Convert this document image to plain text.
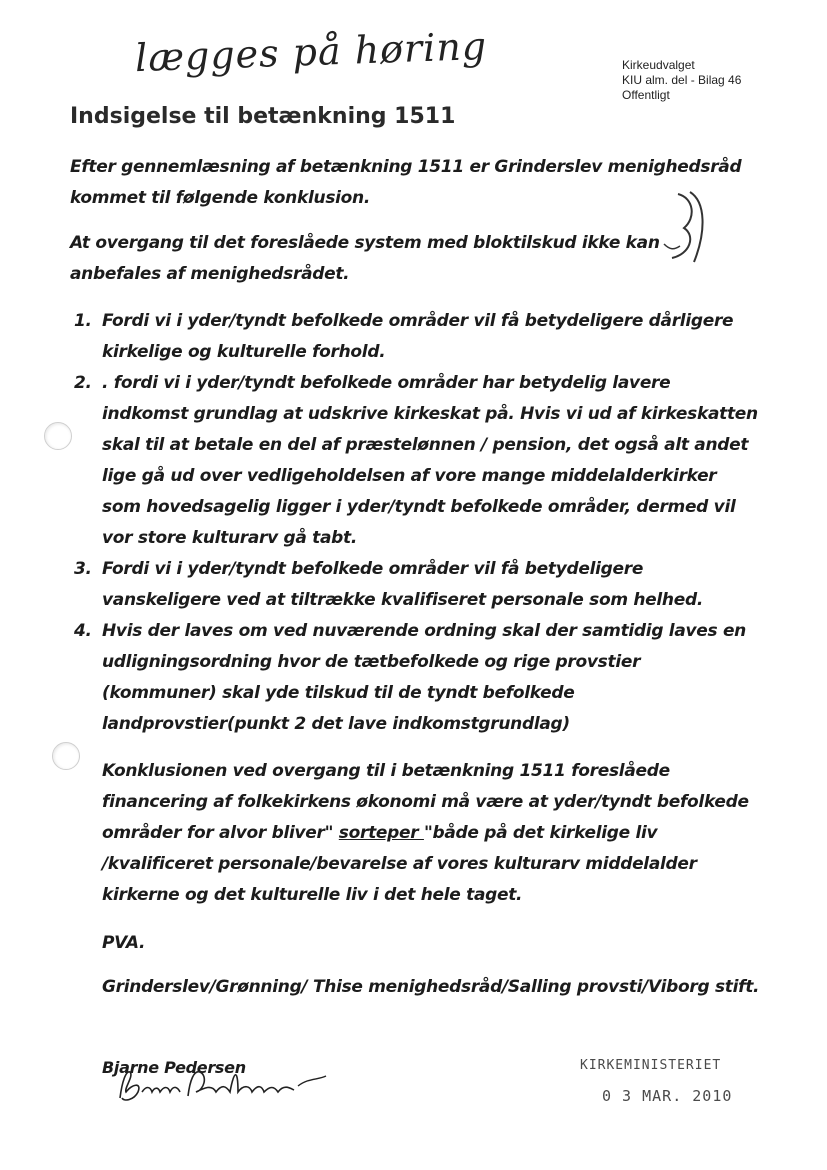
lægges på høring	Kirkeudvalget
KIU alm. del - Bilag 46
Offentligt
Indsigelse til betænkning 1511

Efter gennemlæsning af betænkning 1511 er Grinderslev menighedsråd kommet til følgende konklusion.

At overgang til det foreslåede system med bloktilskud ikke kan anbefales af menighedsrådet.

1. Fordi vi i yder/tyndt befolkede områder vil få betydeligere dårligere kirkelige og kulturelle forhold.
2. . fordi vi i yder/tyndt befolkede områder har betydelig lavere indkomst grundlag at udskrive kirkeskat på. Hvis vi ud af kirkeskatten skal til at betale en del af præstelønnen / pension, det også alt andet lige gå ud over vedligeholdelsen af vore mange middelalderkirker som hovedsagelig ligger i yder/tyndt befolkede områder, dermed vil vor store kulturarv gå tabt.
3. Fordi vi i yder/tyndt befolkede områder vil få betydeligere vanskeligere ved at tiltrække kvalifiseret personale som helhed.
4. Hvis der laves om ved nuværende ordning skal der samtidig laves en udligningsordning hvor de tætbefolkede og rige provstier (kommuner) skal yde tilskud til de tyndt befolkede landprovstier(punkt 2 det lave indkomstgrundlag)

Konklusionen ved overgang til i betænkning 1511 foreslåede financering af folkekirkens økonomi må være at yder/tyndt befolkede områder for alvor bliver" sorteper "både på det kirkelige liv /kvalificeret personale/bevarelse af vores kulturarv middelalder kirkerne og det kulturelle liv i det hele taget.

PVA.

Grinderslev/Grønning/ Thise menighedsråd/Salling provsti/Viborg stift.

Bjarne Pedersen	KIRKEMINISTERIET
0 3 MAR. 2010
